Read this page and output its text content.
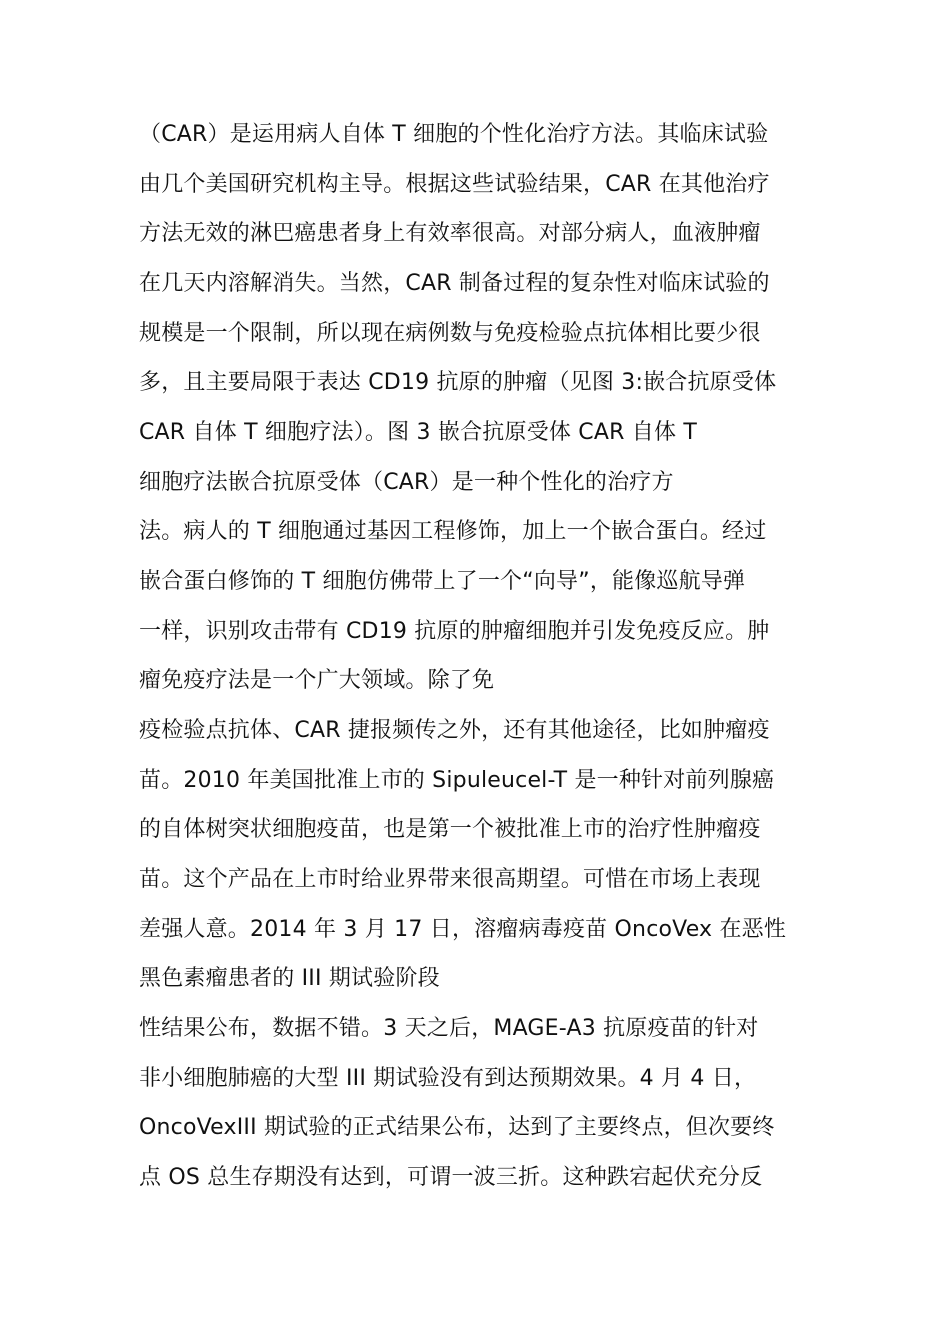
（CAR）是运用病人自体 T 细胞的个性化治疗方法。其临床试验
由几个美国研究机构主导。根据这些试验结果，CAR 在其他治疗
方法无效的淋巴癌患者身上有效率很高。对部分病人，血液肿瘤
在几天内溶解消失。当然，CAR 制备过程的复杂性对临床试验的
规模是一个限制，所以现在病例数与免疫检验点抗体相比要少很
多，且主要局限于表达 CD19 抗原的肿瘤（见图 3:嵌合抗原受体
CAR 自体 T 细胞疗法）。图 3 嵌合抗原受体 CAR 自体 T
细胞疗法嵌合抗原受体（CAR）是一种个性化的治疗方
法。病人的 T 细胞通过基因工程修饰，加上一个嵌合蛋白。经过
嵌合蛋白修饰的 T 细胞仿佛带上了一个“向导”，能像巡航导弹
一样，识别攻击带有 CD19 抗原的肿瘤细胞并引发免疫反应。肿
瘤免疫疗法是一个广大领域。除了免
疫检验点抗体、CAR 捷报频传之外，还有其他途径，比如肿瘤疫
苗。2010 年美国批准上市的 Sipuleucel-T 是一种针对前列腺癌
的自体树突状细胞疫苗，也是第一个被批准上市的治疗性肿瘤疫
苗。这个产品在上市时给业界带来很高期望。可惜在市场上表现
差强人意。2014 年 3 月 17 日，溶瘤病毒疫苗 OncoVex 在恶性
黑色素瘤患者的 III 期试验阶段
性结果公布，数据不错。3 天之后，MAGE-A3 抗原疫苗的针对
非小细胞肺癌的大型 III 期试验没有到达预期效果。4 月 4 日，
OncoVexIII 期试验的正式结果公布，达到了主要终点，但次要终
点 OS 总生存期没有达到，可谓一波三折。这种跌宕起伏充分反
